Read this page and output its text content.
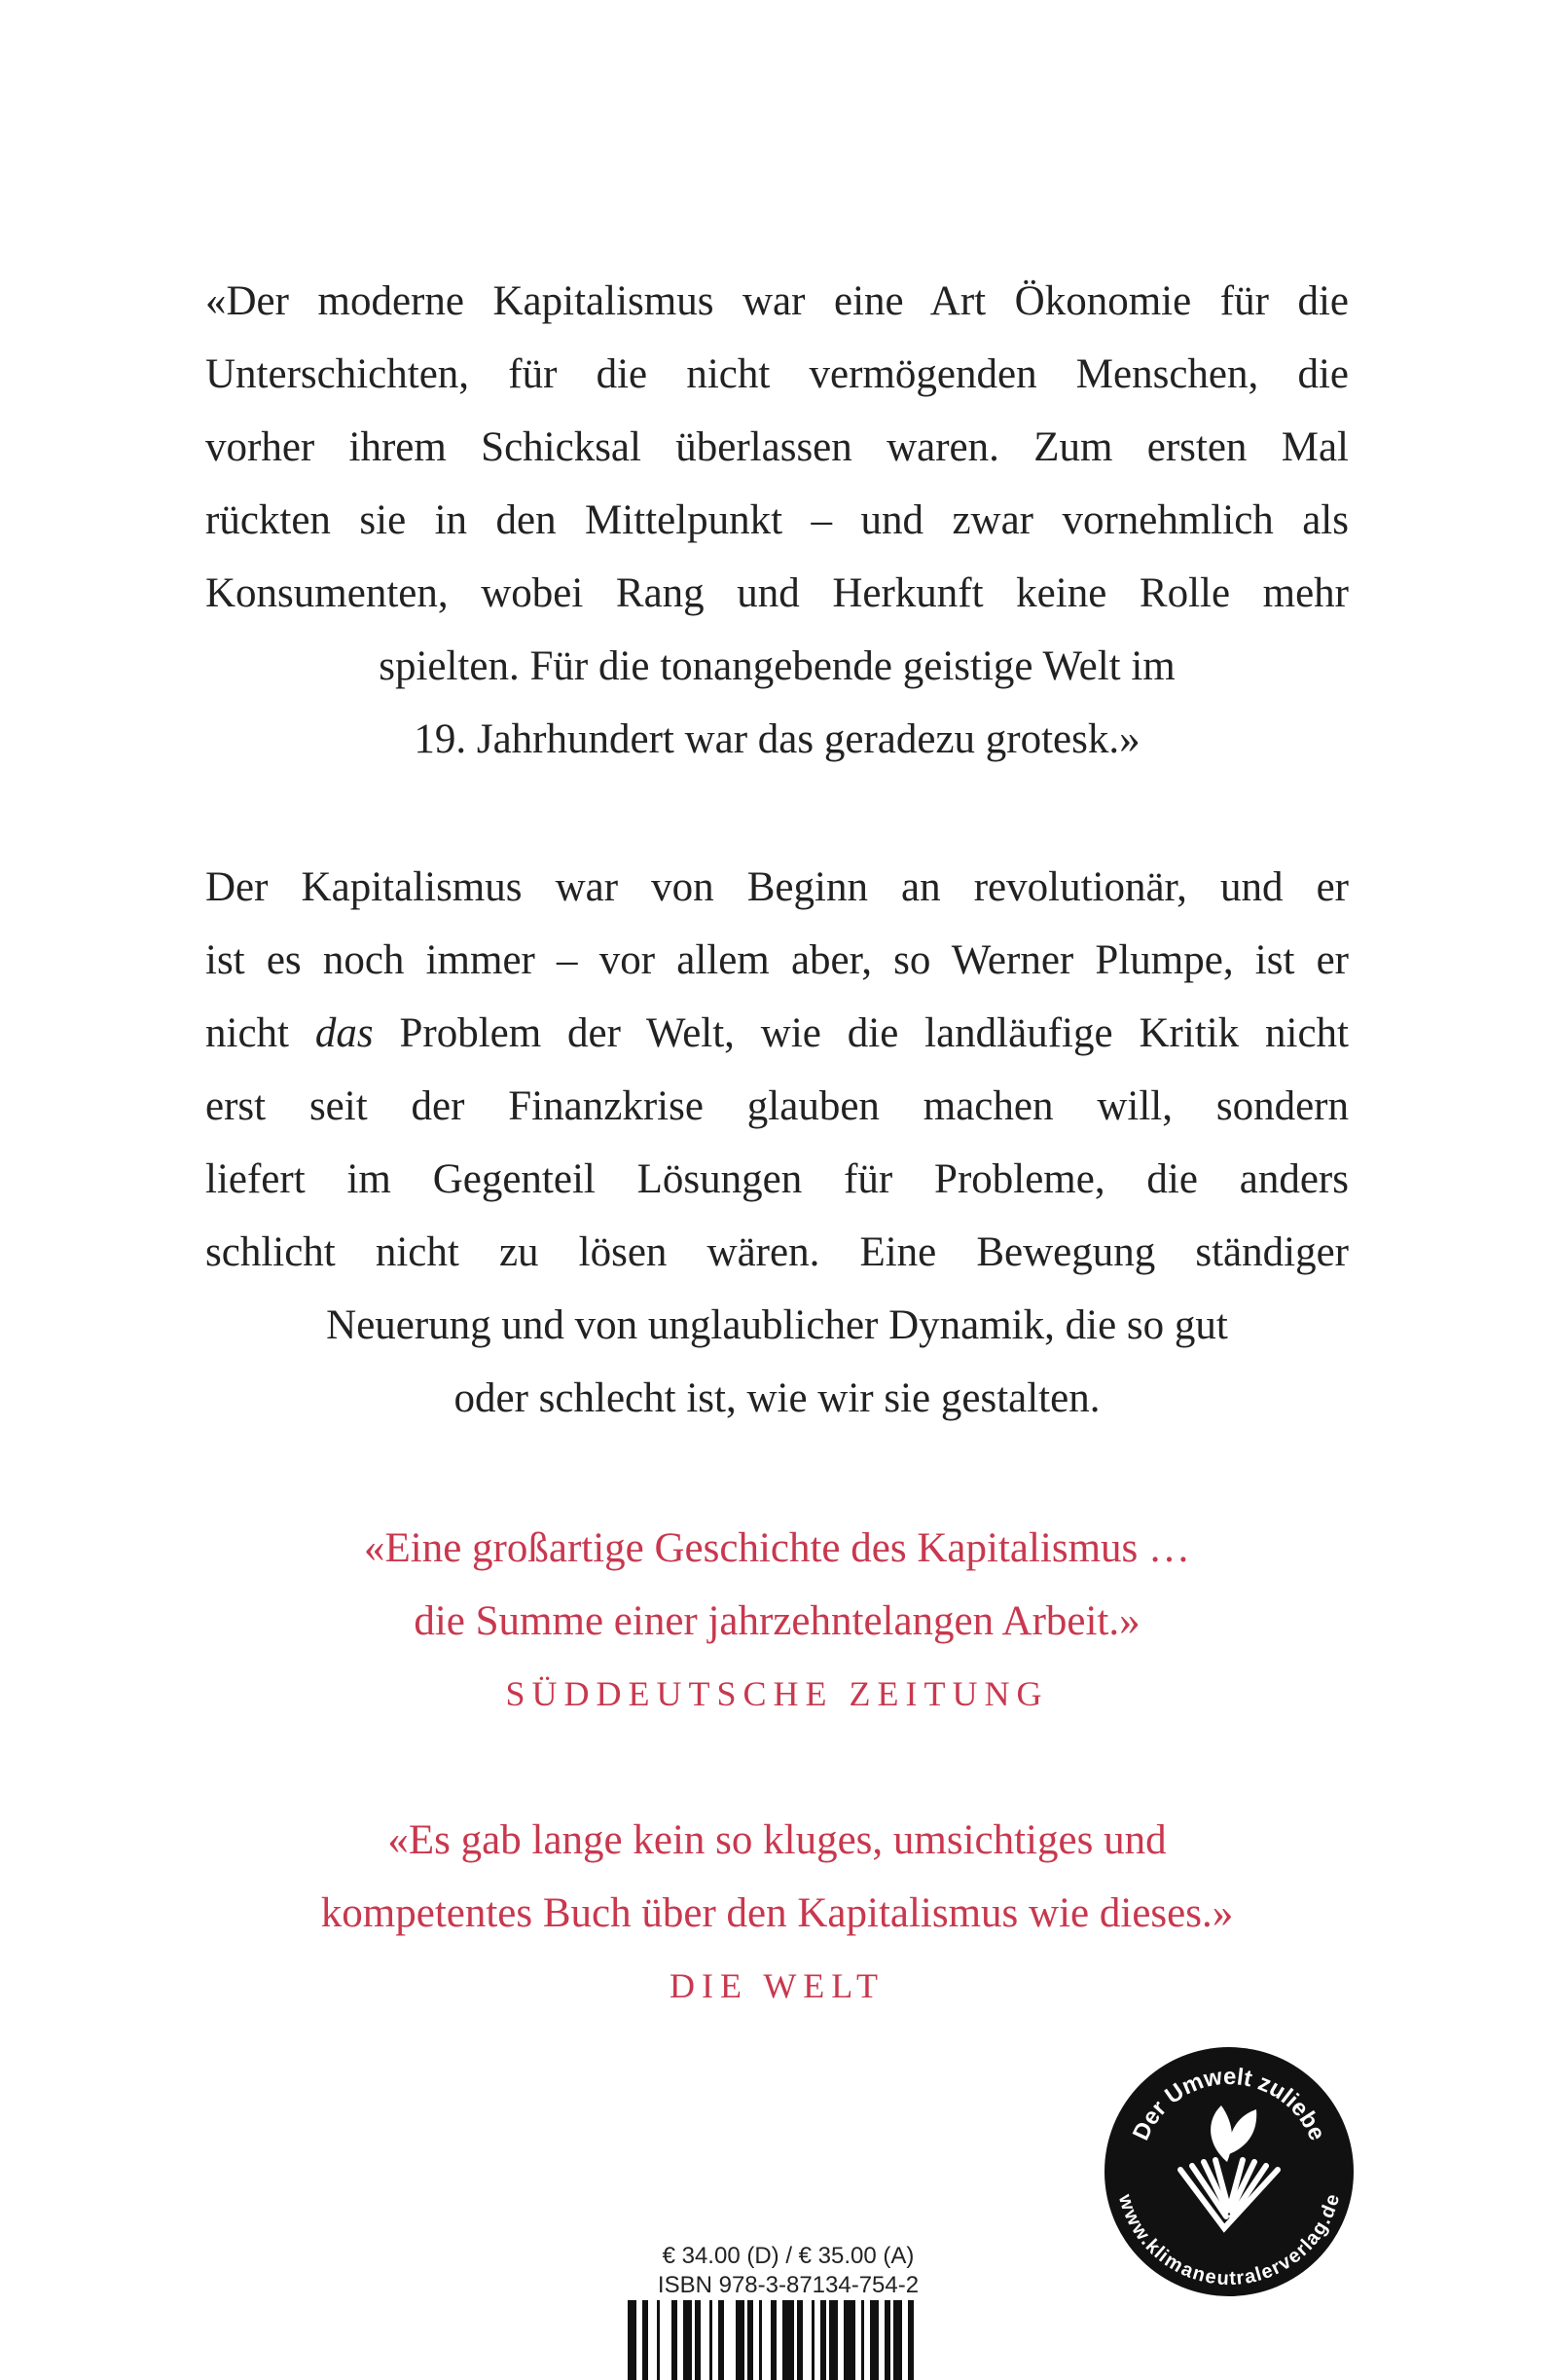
«Der moderne Kapitalismus war eine Art Ökonomie für die
Unterschichten, für die nicht vermögenden Menschen, die
vorher ihrem Schicksal überlassen waren. Zum ersten Mal
rückten sie in den Mittelpunkt – und zwar vornehmlich als
Konsumenten, wobei Rang und Herkunft keine Rolle mehr
spielten. Für die tonangebende geistige Welt im
19. Jahrhundert war das geradezu grotesk.»
Der Kapitalismus war von Beginn an revolutionär, und er
ist es noch immer – vor allem aber, so Werner Plumpe, ist er
nicht das Problem der Welt, wie die landläufige Kritik nicht
erst seit der Finanzkrise glauben machen will, sondern
liefert im Gegenteil Lösungen für Probleme, die anders
schlicht nicht zu lösen wären. Eine Bewegung ständiger
Neuerung und von unglaublicher Dynamik, die so gut
oder schlecht ist, wie wir sie gestalten.
«Eine großartige Geschichte des Kapitalismus …
die Summe einer jahrzehntelangen Arbeit.»
SÜDDEUTSCHE ZEITUNG
«Es gab lange kein so kluges, umsichtiges und
kompetentes Buch über den Kapitalismus wie dieses.»
DIE WELT
Der Umwelt zuliebe
www.klimaneutralerverlag.de
€ 34.00 (D) / € 35.00 (A)
ISBN 978-3-87134-754-2
